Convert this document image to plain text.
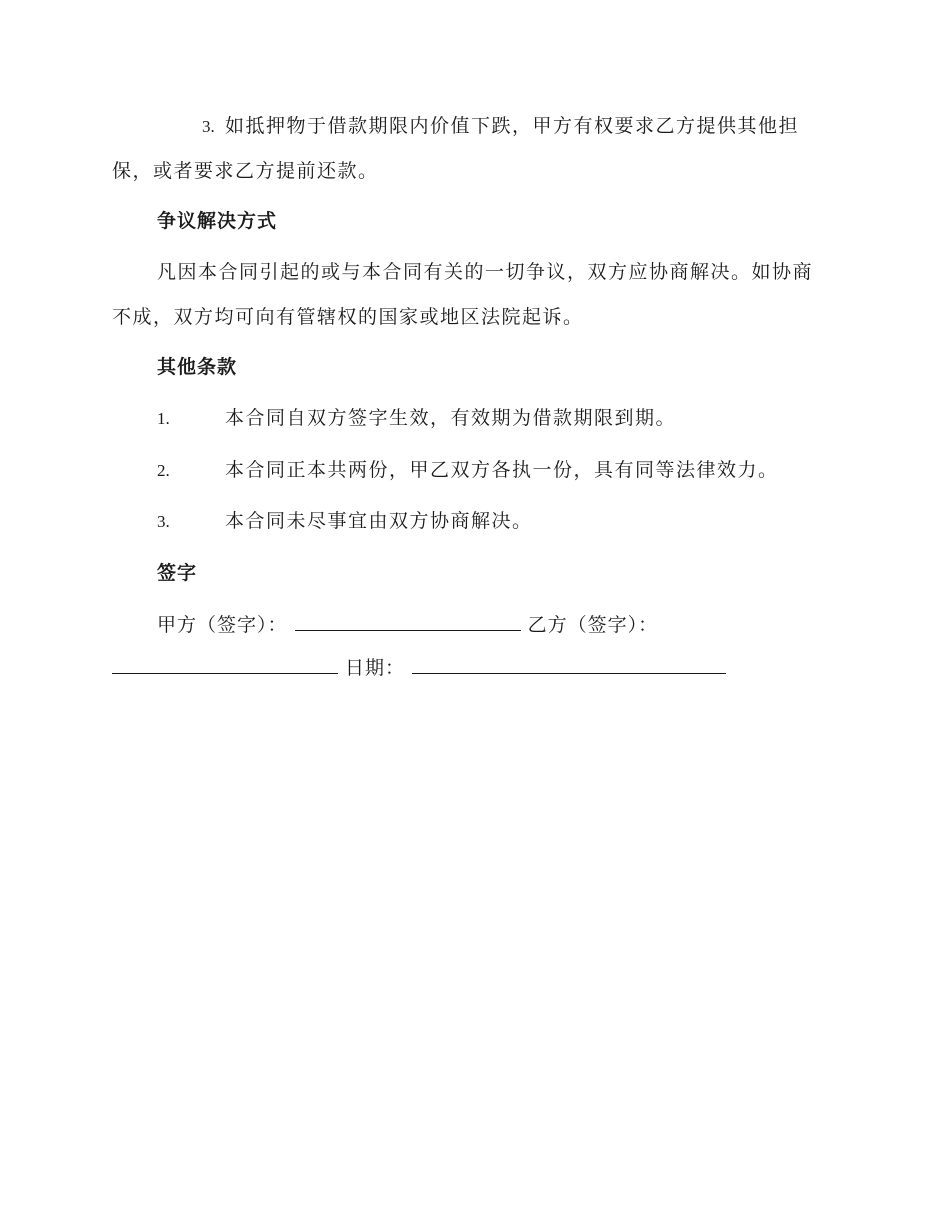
3. 如抵押物于借款期限内价值下跌，甲方有权要求乙方提供其他担保，或者要求乙方提前还款。
争议解决方式

凡因本合同引起的或与本合同有关的一切争议，双方应协商解决。如协商不成，双方均可向有管辖权的国家或地区法院起诉。

其他条款
1.	本合同自双方签字生效，有效期为借款期限到期。
2.	本合同正本共两份，甲乙双方各执一份，具有同等法律效力。
3.	本合同未尽事宜由双方协商解决。
签字
甲方（签字）：	乙方（签字）：
日期：
